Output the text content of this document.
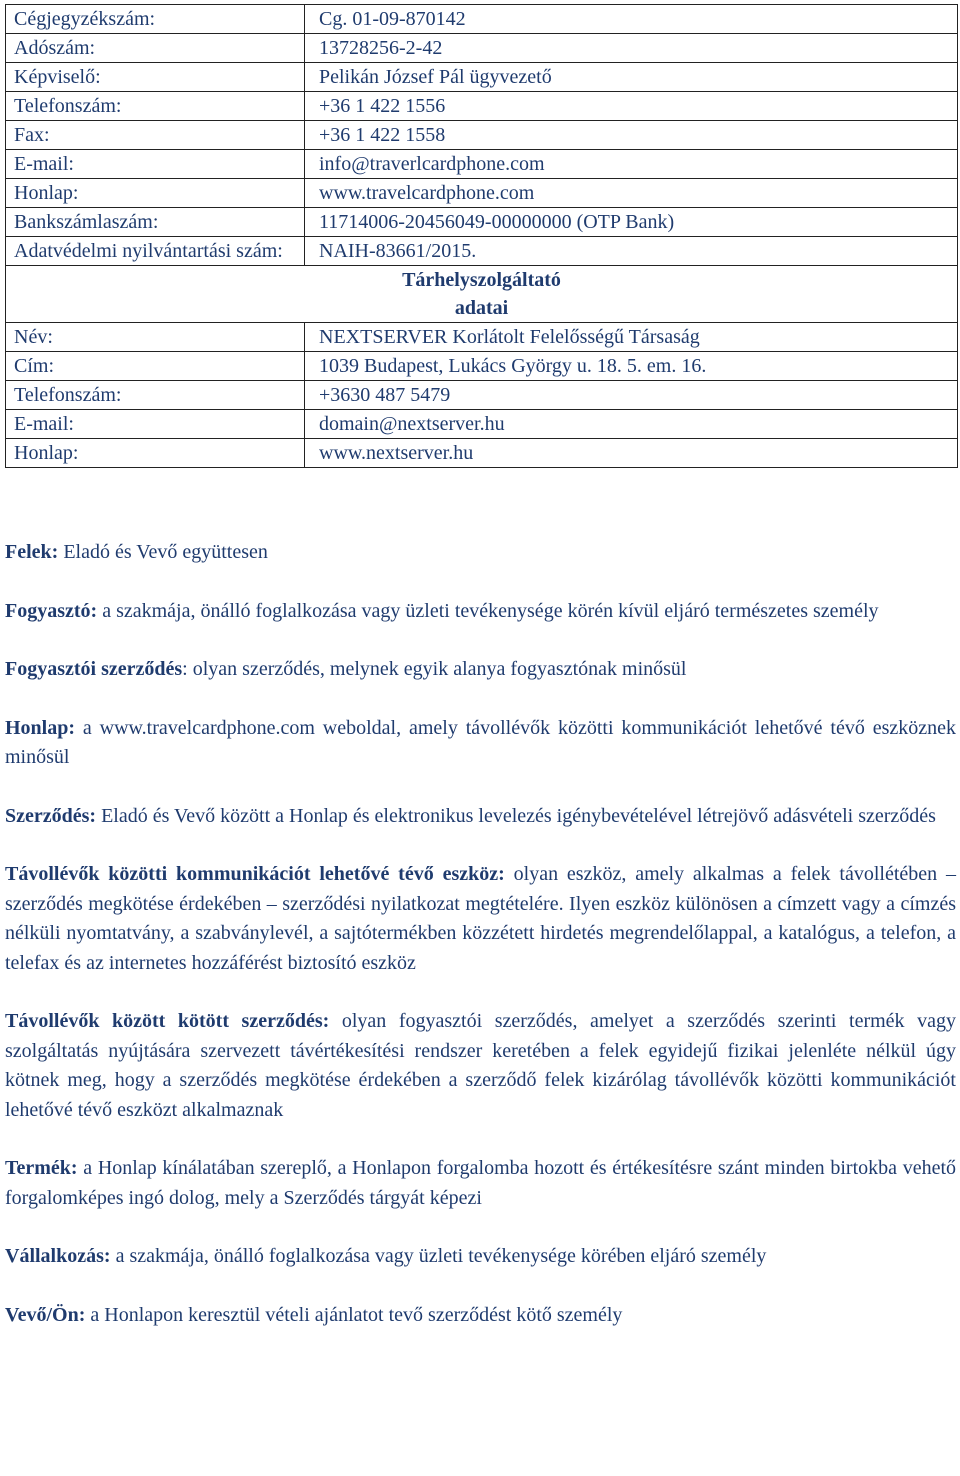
Cégjegyzékszám:	Cg. 01-09-870142
Adószám:	13728256-2-42
Képviselő:	Pelikán József Pál ügyvezető
Telefonszám:	+36 1 422 1556
Fax:	+36 1 422 1558
E-mail:	info@traverlcardphone.com
Honlap:	www.travelcardphone.com
Bankszámlaszám:	11714006-20456049-00000000 (OTP Bank)
Adatvédelmi nyilvántartási szám:	NAIH-83661/2015.

Tárhelyszolgáltató
adatai	

Név:	NEXTSERVER Korlátolt Felelősségű Társaság
Cím:	1039 Budapest, Lukács György u. 18. 5. em. 16.
Telefonszám:	+3630 487 5479
E-mail:	domain@nextserver.hu
Honlap:	www.nextserver.hu

Felek: Eladó és Vevő együttesen

Fogyasztó: a szakmája, önálló foglalkozása vagy üzleti tevékenysége körén kívül eljáró természetes személy

Fogyasztói szerződés: olyan szerződés, melynek egyik alanya fogyasztónak minősül

Honlap: a www.travelcardphone.com weboldal, amely távollévők közötti kommunikációt lehetővé tévő eszköznek minősül

Szerződés: Eladó és Vevő között a Honlap és elektronikus levelezés igénybevételével létrejövő adásvételi szerződés

Távollévők közötti kommunikációt lehetővé tévő eszköz: olyan eszköz, amely alkalmas a felek távollétében – szerződés megkötése érdekében – szerződési nyilatkozat megtételére. Ilyen eszköz különösen a címzett vagy a címzés nélküli nyomtatvány, a szabványlevél, a sajtótermékben közzétett hirdetés megrendelőlappal, a katalógus, a telefon, a telefax és az internetes hozzáférést biztosító eszköz

Távollévők között kötött szerződés: olyan fogyasztói szerződés, amelyet a szerződés szerinti termék vagy szolgáltatás nyújtására szervezett távértékesítési rendszer keretében a felek egyidejű fizikai jelenléte nélkül úgy kötnek meg, hogy a szerződés megkötése érdekében a szerződő felek kizárólag távollévők közötti kommunikációt lehetővé tévő eszközt alkalmaznak

Termék: a Honlap kínálatában szereplő, a Honlapon forgalomba hozott és értékesítésre szánt minden birtokba vehető forgalomképes ingó dolog, mely a Szerződés tárgyát képezi

Vállalkozás: a szakmája, önálló foglalkozása vagy üzleti tevékenysége körében eljáró személy

Vevő/Ön: a Honlapon keresztül vételi ajánlatot tevő szerződést kötő személy
